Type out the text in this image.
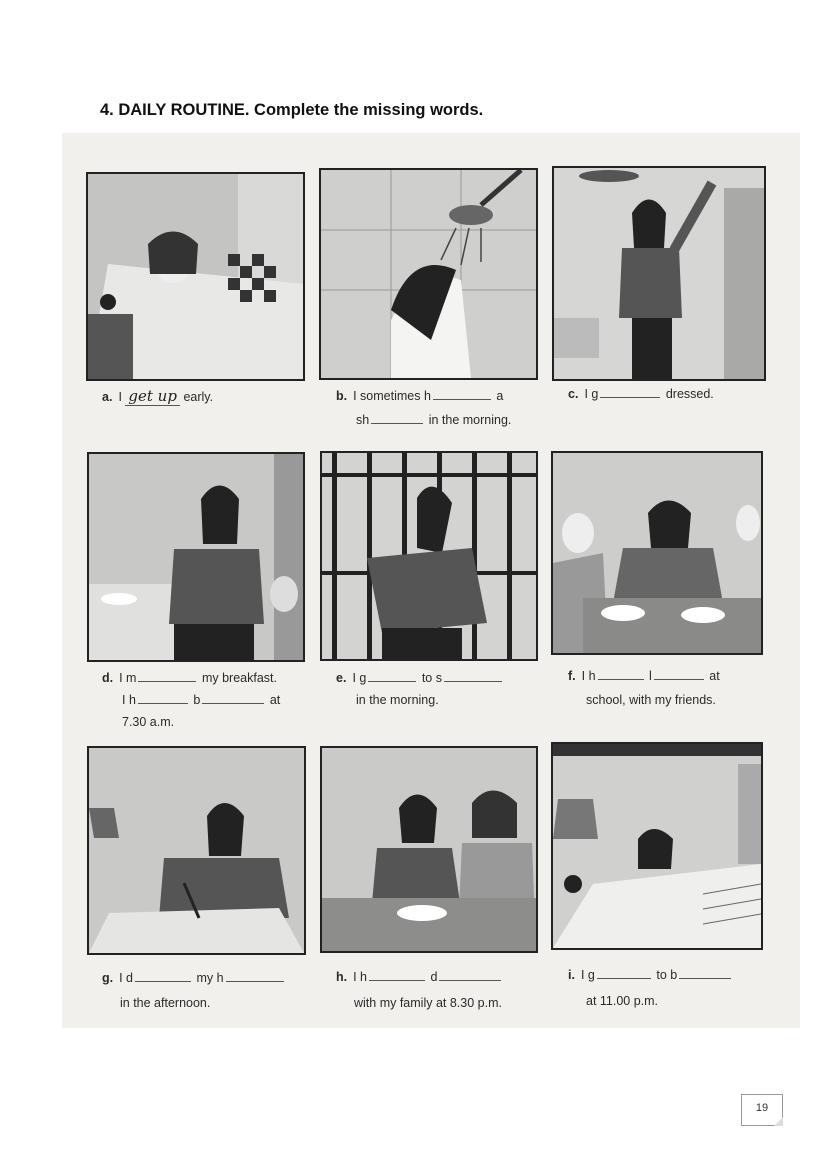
4. DAILY ROUTINE. Complete the missing words.
a. I get up early.	b. I sometimes h	a
sh	in the morning.
c. I g	dressed.
d. I m	my breakfast.
I h	b	at
7.30 a.m.
e. I g	to s
in the morning.
f. I h	l	at
school, with my friends.
g. I d	my h
in the afternoon.
h. I h	d
with my family at 8.30 p.m.
i. I g	to b
at 11.00 p.m.
19
